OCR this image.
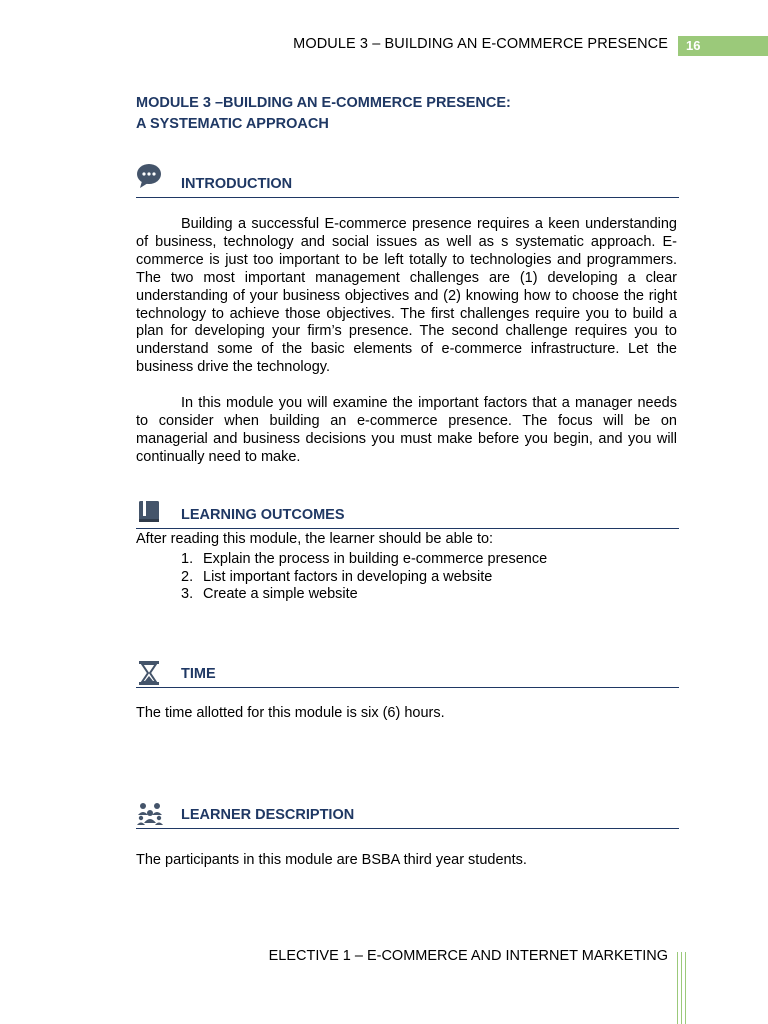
MODULE 3 – BUILDING AN E-COMMERCE PRESENCE	16
MODULE 3 –BUILDING AN E-COMMERCE PRESENCE:
A SYSTEMATIC APPROACH
INTRODUCTION

Building a successful E-commerce presence requires a keen understanding of business, technology and social issues as well as s systematic approach. E-commerce is just too important to be left totally to technologies and programmers. The two most important management challenges are (1) developing a clear understanding of your business objectives and (2) knowing how to choose the right technology to achieve those objectives. The first challenges require you to build a plan for developing your firm’s presence. The second challenge requires you to understand some of the basic elements of e-commerce infrastructure. Let the business drive the technology.

In this module you will examine the important factors that a manager needs to consider when building an e-commerce presence. The focus will be on managerial and business decisions you must make before you begin, and you will continually need to make.

LEARNING OUTCOMES
After reading this module, the learner should be able to:
1. Explain the process in building e-commerce presence
2. List important factors in developing a website
3. Create a simple website
TIME
The time allotted for this module is six (6) hours.
LEARNER DESCRIPTION
The participants in this module are BSBA third year students.
ELECTIVE 1 – E-COMMERCE AND INTERNET MARKETING
